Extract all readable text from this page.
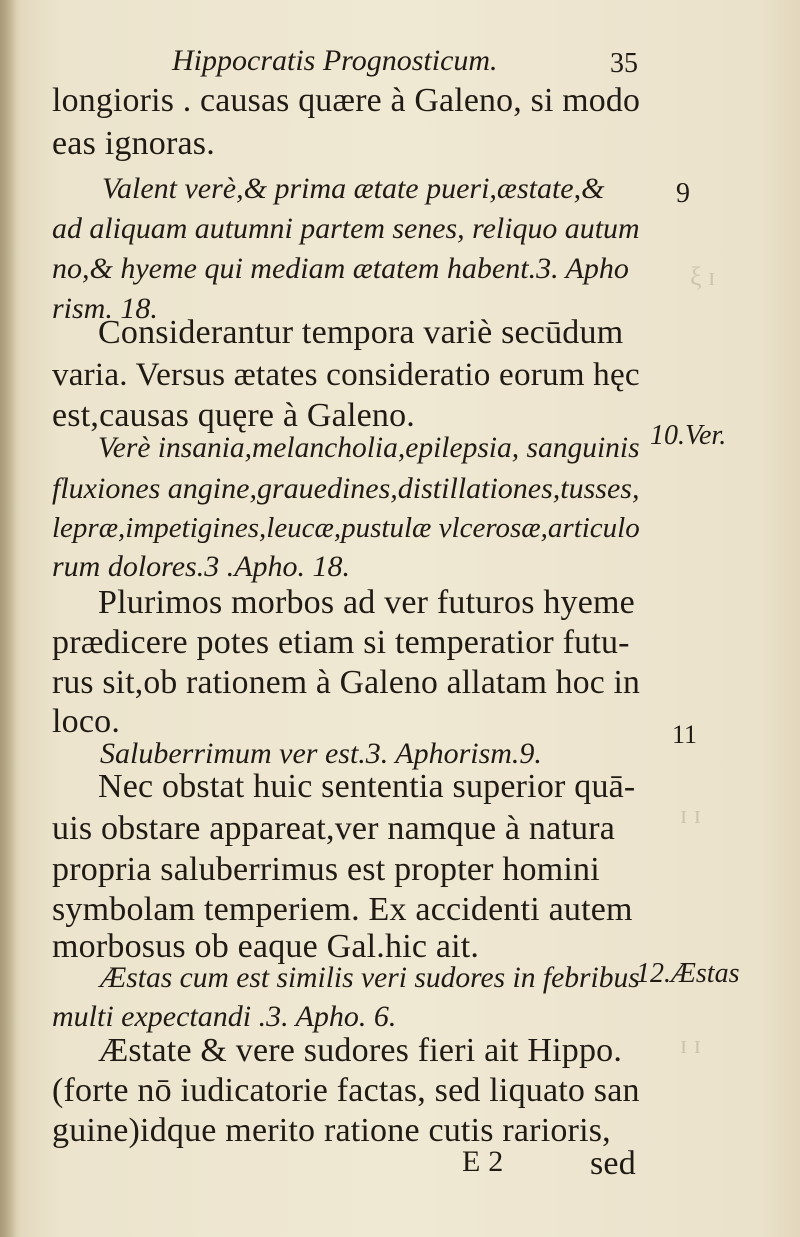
ξ ɪ
ɪ ɪ
ɪ ɪ
Hippocratis Prognosticum.	35
longioris . causas quære à Galeno, si modo
eas ignoras.
Valent verè,& prima ætate pueri,æstate,&
ad aliquam autumni partem senes, reliquo autum
no,& hyeme qui mediam ætatem habent.3. Apho
rism. 18.
Considerantur tempora variè secūdum
varia. Versus ætates consideratio eorum hęc
est,causas quęre à Galeno.
Verè insania,melancholia,epilepsia, sanguinis
fluxiones angine,grauedines,distillationes,tusses,
lepræ,impetigines,leucæ,pustulæ vlcerosæ,articulo
rum dolores.3 .Apho. 18.
Plurimos morbos ad ver futuros hyeme
prædicere potes etiam si temperatior futu-
rus sit,ob rationem à Galeno allatam hoc in
loco.
Saluberrimum ver est.3. Aphorism.9.
Nec obstat huic sententia superior quā-
uis obstare appareat,ver namque à natura
propria saluberrimus est propter homini
symbolam temperiem. Ex accidenti autem
morbosus ob eaque Gal.hic ait.
Æstas cum est similis veri sudores in febribus
multi expectandi .3. Apho. 6.
Æstate & vere sudores fieri ait Hippo.
(forte nō iudicatorie factas, sed liquato san
guine)idque merito ratione cutis rarioris,
E 2	sed
9
10.Ver.
11
12.Æstas
